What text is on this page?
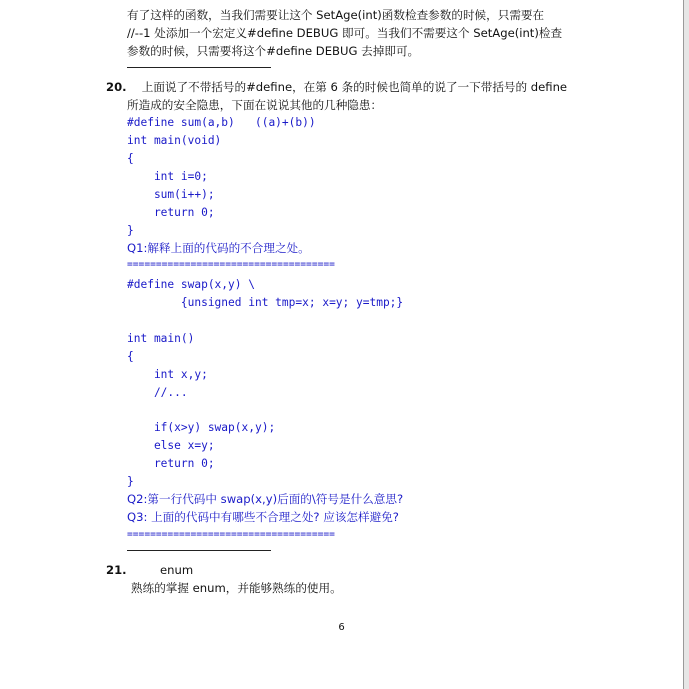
有了这样的函数，当我们需要让这个 SetAge(int)函数检查参数的时候，只需要在
//--1 处添加一个宏定义#define DEBUG 即可。当我们不需要这个 SetAge(int)检查
参数的时候，只需要将这个#define DEBUG 去掉即可。
20. 上面说了不带括号的#define，在第 6 条的时候也简单的说了一下带括号的 define
所造成的安全隐患，下面在说说其他的几种隐患：
#define sum(a,b)   ((a)+(b))
int main(void)
{
int i=0;
sum(i++);
return 0;
}
Q1:解释上面的代码的不合理之处。
====================================
#define swap(x,y) \
{unsigned int tmp=x; x=y; y=tmp;}
int main()
{
int x,y;
//...
if(x>y) swap(x,y);
else x=y;
return 0;
}
Q2:第一行代码中 swap(x,y)后面的\符号是什么意思?
Q3: 上面的代码中有哪些不合理之处? 应该怎样避免?
====================================
21.	enum
熟练的掌握 enum，并能够熟练的使用。
6
